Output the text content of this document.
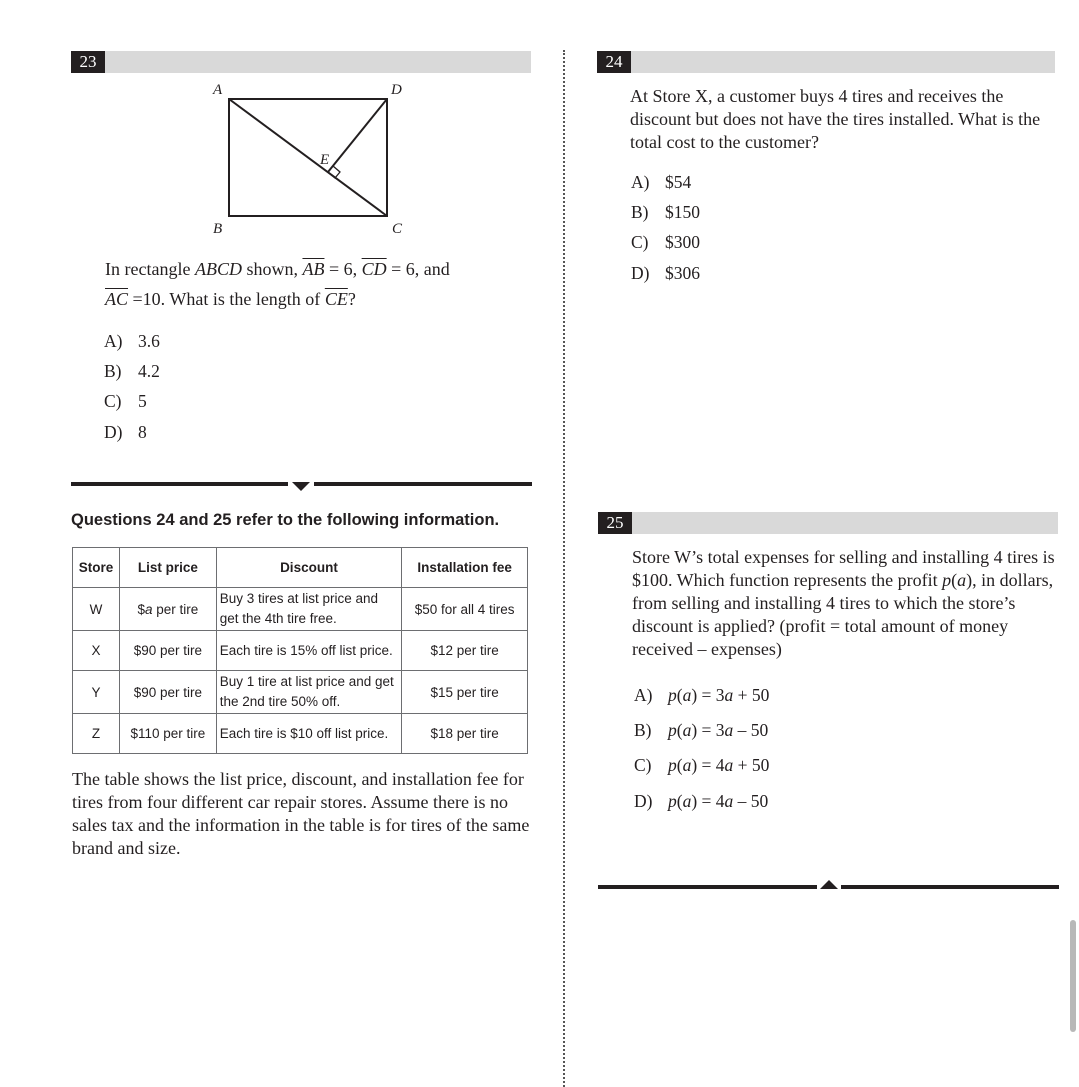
23
A	D
B	C
E
In rectangle ABCD shown, $\overline{AB} = 6$, $\overline{CD} = 6$, and
$\overline{AC} =10$. What is the length of $\overline{CE}$?
A) 3.6
B) 4.2
C) 5
D) 8
Questions 24 and 25 refer to the following information.
Store	List price	Discount	Installation fee
W	$a per tire	Buy 3 tires at list price and get the 4th tire free.	$50 for all 4 tires
X	$90 per tire	Each tire is 15% off list price.	$12 per tire
Y	$90 per tire	Buy 1 tire at list price and get the 2nd tire 50% off.	$15 per tire
Z	$110 per tire	Each tire is $10 off list price.	$18 per tire
The table shows the list price, discount, and installation fee for tires from four different car repair stores. Assume there is no sales tax and the information in the table is for tires of the same brand and size.
24
At Store X, a customer buys 4 tires and receives the discount but does not have the tires installed. What is the total cost to the customer?
A) $54
B) $150
C) $300
D) $306
25
Store W’s total expenses for selling and installing 4 tires is $100. Which function represents the profit p(a), in dollars, from selling and installing 4 tires to which the store’s discount is applied? (profit = total amount of money received – expenses)
A) p(a) = 3a + 50
B) p(a) = 3a – 50
C) p(a) = 4a + 50
D) p(a) = 4a – 50
